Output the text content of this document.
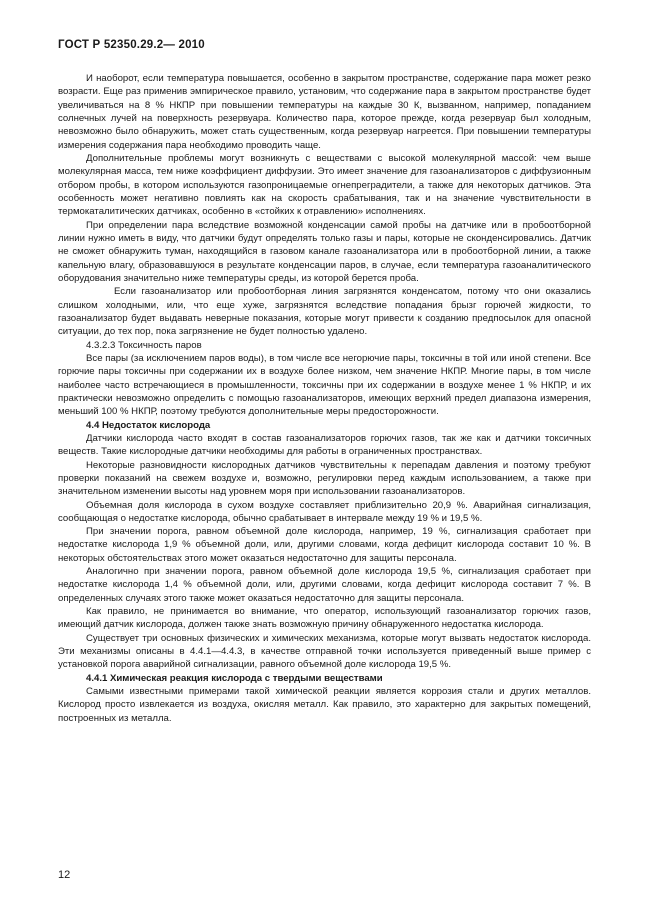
ГОСТ Р 52350.29.2— 2010

И наоборот, если температура повышается, особенно в закрытом пространстве, содержание пара может резко возрасти. Еще раз применив эмпирическое правило, установим, что содержание пара в закрытом пространстве будет увеличиваться на 8 % НКПР при повышении температуры на каждые 30 К, вызванном, например, попаданием солнечных лучей на поверхность резервуара. Количество пара, которое прежде, когда резервуар был холодным, невозможно было обнаружить, может стать существенным, когда резервуар нагреется. При повышении температуры измерения содержания пара необходимо проводить чаще.

Дополнительные проблемы могут возникнуть с веществами с высокой молекулярной массой: чем выше молекулярная масса, тем ниже коэффициент диффузии. Это имеет значение для газоанализаторов с диффузионным отбором пробы, в котором используются газопроницаемые огнепреградители, а также для некоторых датчиков. Эта особенность может негативно повлиять как на скорость срабатывания, так и на значение чувствительности в термокаталитических датчиках, особенно в «стойких к отравлению» исполнениях.

При определении пара вследствие возможной конденсации самой пробы на датчике или в пробоотборной линии нужно иметь в виду, что датчики будут определять только газы и пары, которые не сконденсировались. Датчик не сможет обнаружить туман, находящийся в газовом канале газоанализатора или в пробоотборной линии, а также капельную влагу, образовавшуюся в результате конденсации паров, в случае, если температура газоаналитического оборудования значительно ниже температуры среды, из которой берется проба.

Если газоанализатор или пробоотборная линия загрязнятся конденсатом, потому что они оказались слишком холодными, или, что еще хуже, загрязнятся вследствие попадания брызг горючей жидкости, то газоанализатор будет выдавать неверные показания, которые могут привести к созданию предпосылок для опасной ситуации, до тех пор, пока загрязнение не будет полностью удалено.

4.3.2.3 Токсичность паров

Все пары (за исключением паров воды), в том числе все негорючие пары, токсичны в той или иной степени. Все горючие пары токсичны при содержании их в воздухе более низком, чем значение НКПР. Многие пары, в том числе наиболее часто встречающиеся в промышленности, токсичны при их содержании в воздухе менее 1 % НКПР, и их практически невозможно определить с помощью газоанализаторов, имеющих верхний предел диапазона измерения, меньший 100 % НКПР, поэтому требуются дополнительные меры предосторожности.

4.4 Недостаток кислорода

Датчики кислорода часто входят в состав газоанализаторов горючих газов, так же как и датчики токсичных веществ. Такие кислородные датчики необходимы для работы в ограниченных пространствах.

Некоторые разновидности кислородных датчиков чувствительны к перепадам давления и поэтому требуют проверки показаний на свежем воздухе и, возможно, регулировки перед каждым использованием, а также при значительном изменении высоты над уровнем моря при использовании газоанализаторов.

Объемная доля кислорода в сухом воздухе составляет приблизительно 20,9 %. Аварийная сигнализация, сообщающая о недостатке кислорода, обычно срабатывает в интервале между 19 % и 19,5 %.

При значении порога, равном объемной доле кислорода, например, 19 %, сигнализация сработает при недостатке кислорода 1,9 % объемной доли, или, другими словами, когда дефицит кислорода составит 10 %. В некоторых обстоятельствах этого может оказаться недостаточно для защиты персонала.

Аналогично при значении порога, равном объемной доле кислорода 19,5 %, сигнализация сработает при недостатке кислорода 1,4 % объемной доли, или, другими словами, когда дефицит кислорода составит 7 %. В определенных случаях этого также может оказаться недостаточно для защиты персонала.

Как правило, не принимается во внимание, что оператор, использующий газоанализатор горючих газов, имеющий датчик кислорода, должен также знать возможную причину обнаруженного недостатка кислорода.

Существует три основных физических и химических механизма, которые могут вызвать недостаток кислорода. Эти механизмы описаны в 4.4.1—4.4.3, в качестве отправной точки используется приведенный выше пример с установкой порога аварийной сигнализации, равного объемной доле кислорода 19,5 %.

4.4.1 Химическая реакция кислорода с твердыми веществами

Самыми известными примерами такой химической реакции является коррозия стали и других металлов. Кислород просто извлекается из воздуха, окисляя металл. Как правило, это характерно для закрытых помещений, построенных из металла.

12
